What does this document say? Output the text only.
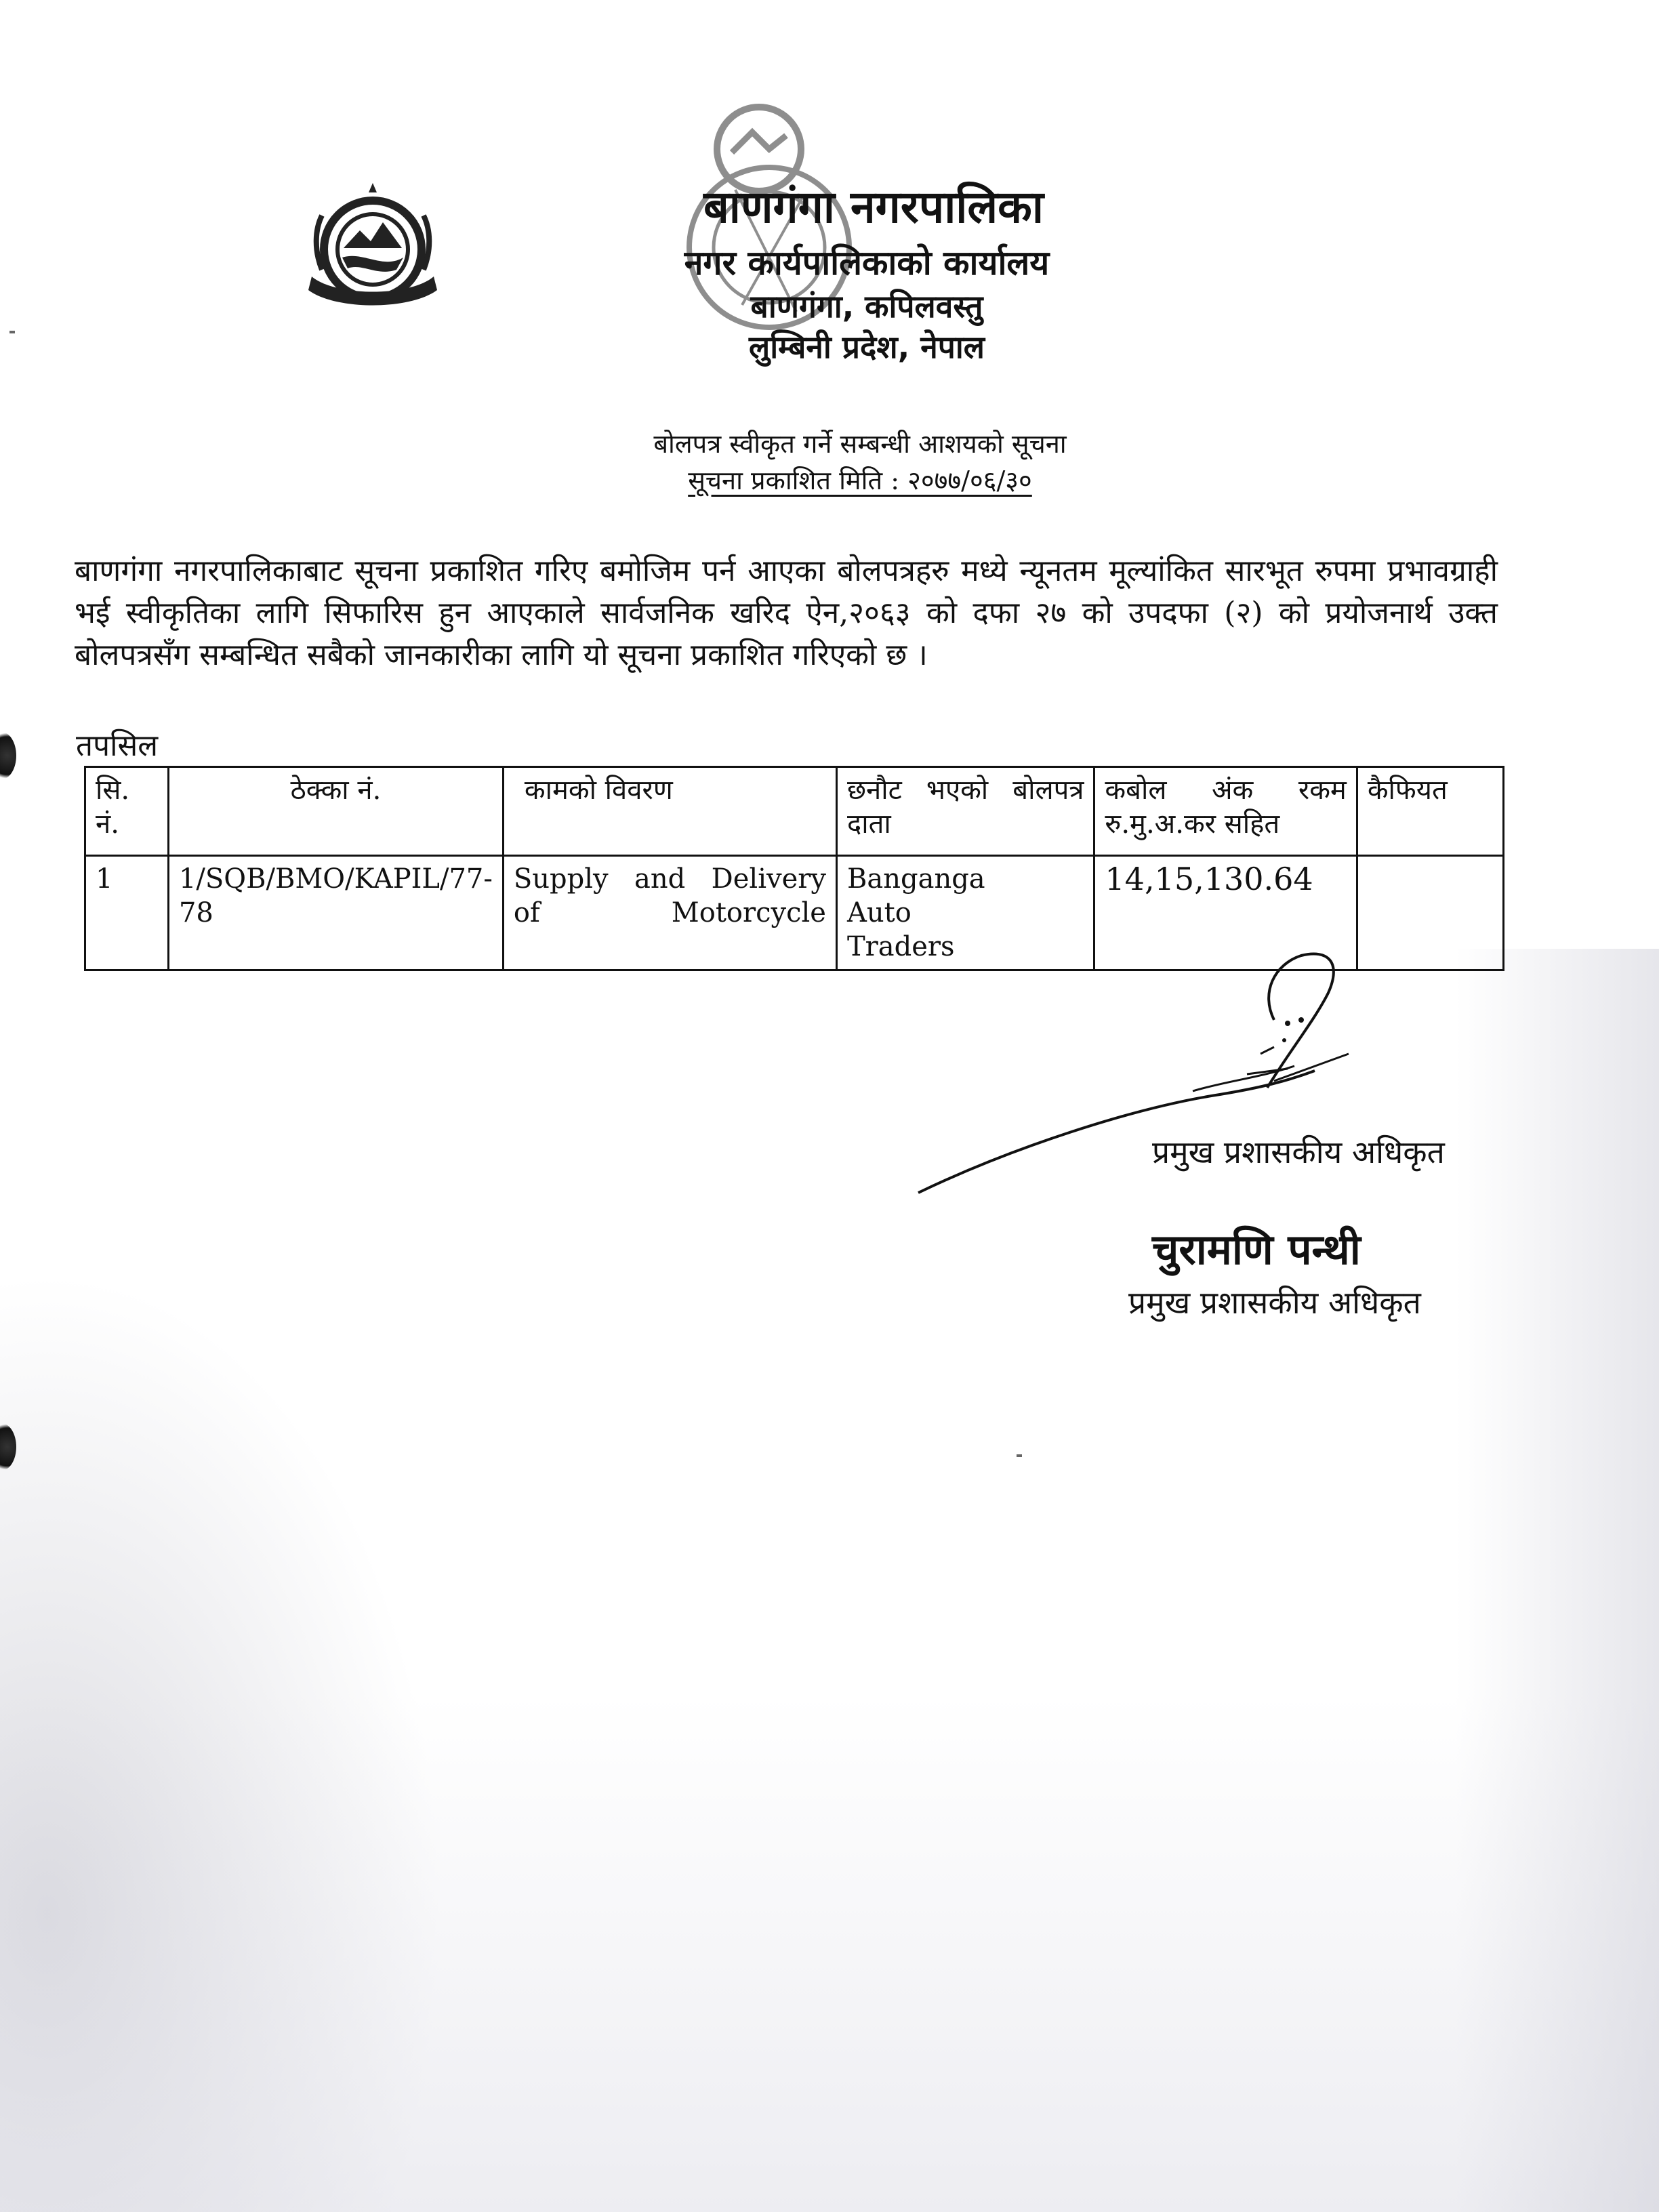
बाणगंगा नगरपालिका
नगर कार्यपालिकाको कार्यालय
बाणगंगा, कपिलवस्तु
लुम्बिनी प्रदेश, नेपाल
बोलपत्र स्वीकृत गर्ने सम्बन्धी आशयको सूचना
सूचना प्रकाशित मिति : २०७७/०६/३०
बाणगंगा नगरपालिकाबाट सूचना प्रकाशित गरिए बमोजिम पर्न आएका बोलपत्रहरु मध्ये न्यूनतम मूल्यांकित सारभूत रुपमा प्रभावग्राही भई स्वीकृतिका लागि सिफारिस हुन आएकाले सार्वजनिक खरिद ऐन,२०६३ को दफा २७ को उपदफा (२) को प्रयोजनार्थ उक्त बोलपत्रसँग सम्बन्धित सबैको जानकारीका लागि यो सूचना प्रकाशित गरिएको छ ।
तपसिल
सि. नं.	ठेक्का नं.	कामको विवरण	छनौट भएको बोलपत्र दाता	कबोल अंक रकम रु.मु.अ.कर सहित	कैफियत
1	1/SQB/BMO/KAPIL/77-78	Supply and Delivery of Motorcycle	Banganga Auto Traders	14,15,130.64	
प्रमुख प्रशासकीय अधिकृत
चुरामणि पन्थी
प्रमुख प्रशासकीय अधिकृत
